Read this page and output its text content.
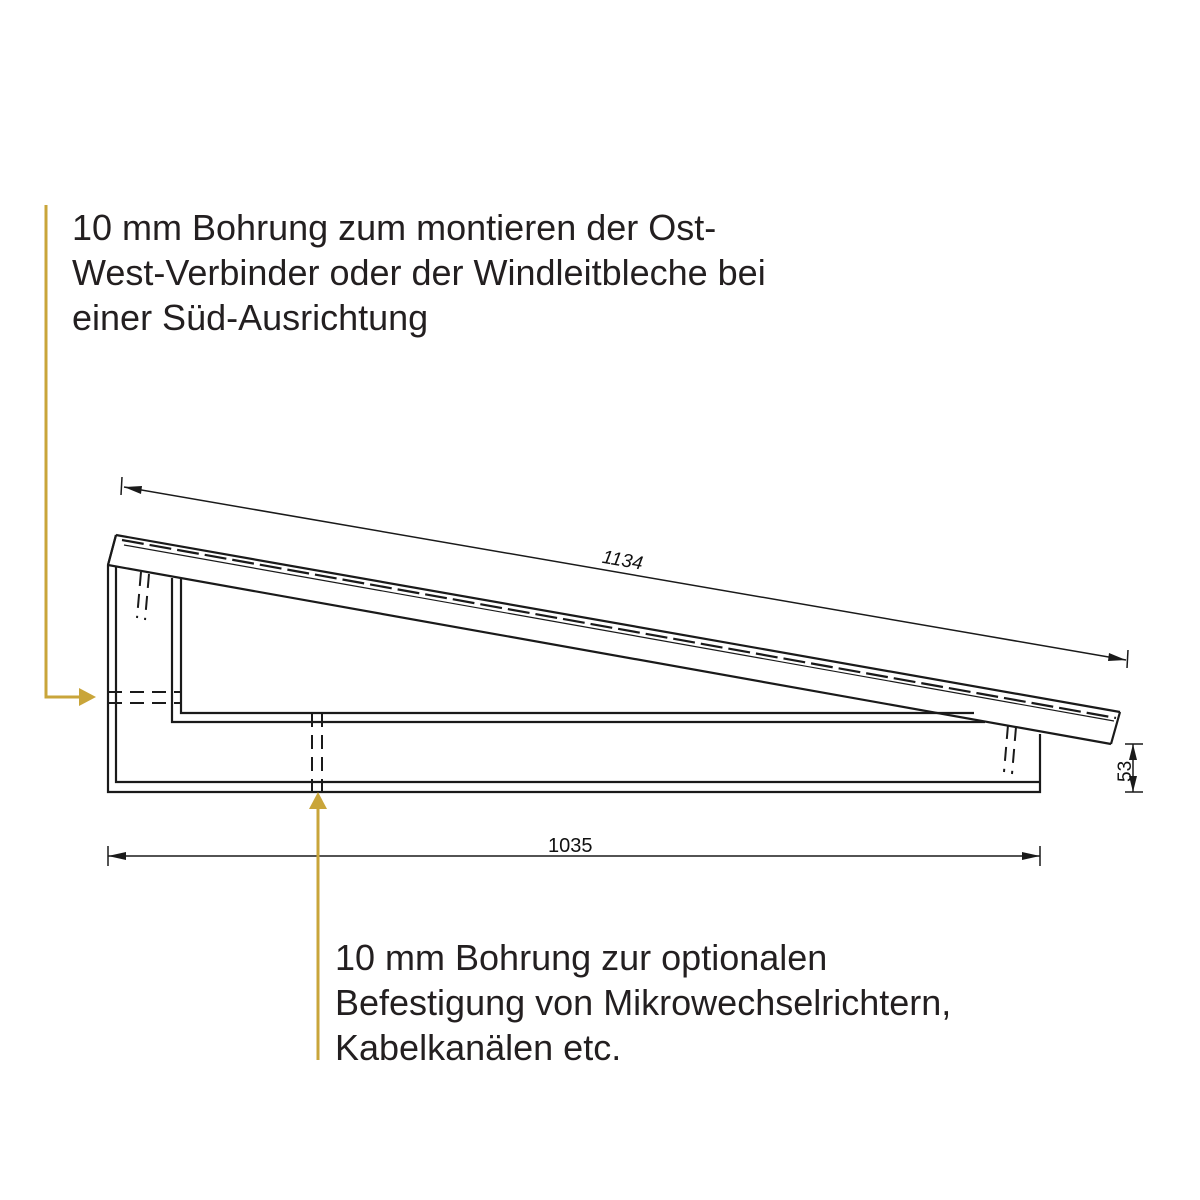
1134
1035
53
10 mm Bohrung zum montieren der Ost-
West-Verbinder oder der Windleitbleche bei
einer Süd-Ausrichtung
10 mm Bohrung zur optionalen
Befestigung von Mikrowechselrichtern,
Kabelkanälen etc.
